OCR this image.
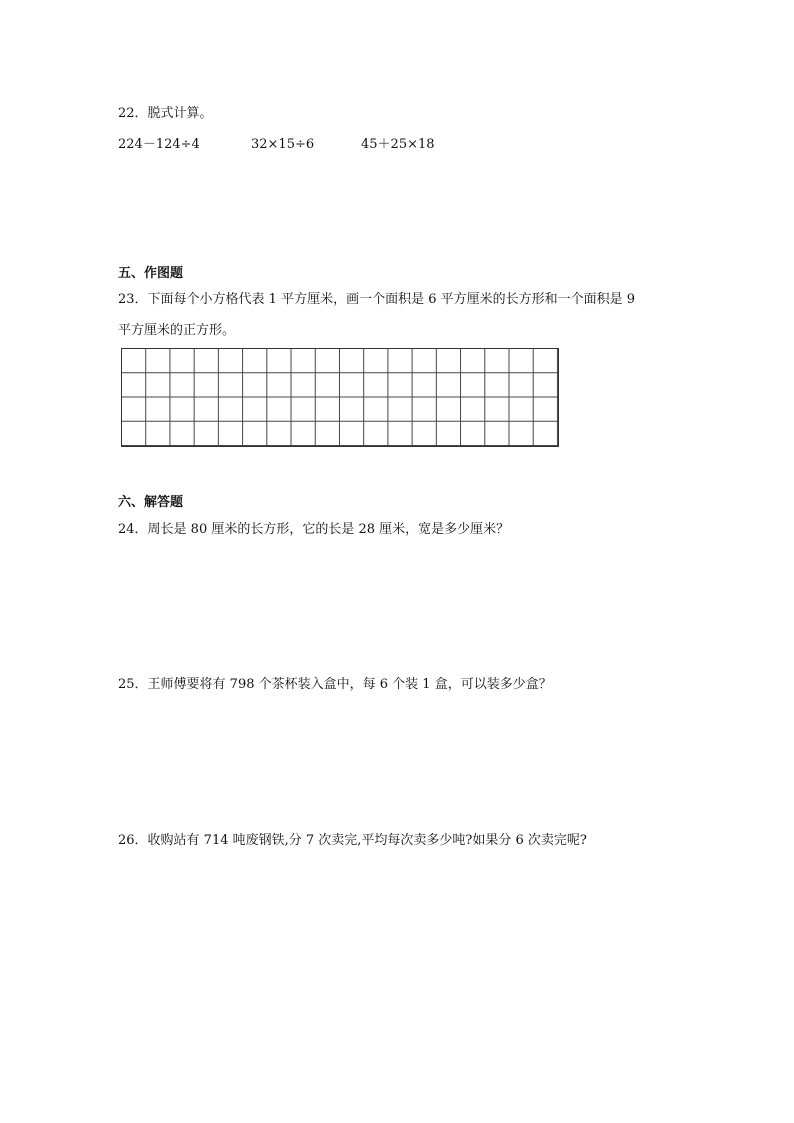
22．脱式计算。
224－124÷4	32×15÷6	45＋25×18
五、作图题
23．下面每个小方格代表 1 平方厘米，画一个面积是 6 平方厘米的长方形和一个面积是 9
平方厘米的正方形。
六、解答题
24．周长是 80 厘米的长方形，它的长是 28 厘米，宽是多少厘米？
25．王师傅要将有 798 个茶杯装入盒中，每 6 个装 1 盒，可以装多少盒？
26．收购站有 714 吨废钢铁,分 7 次卖完,平均每次卖多少吨?如果分 6 次卖完呢?
